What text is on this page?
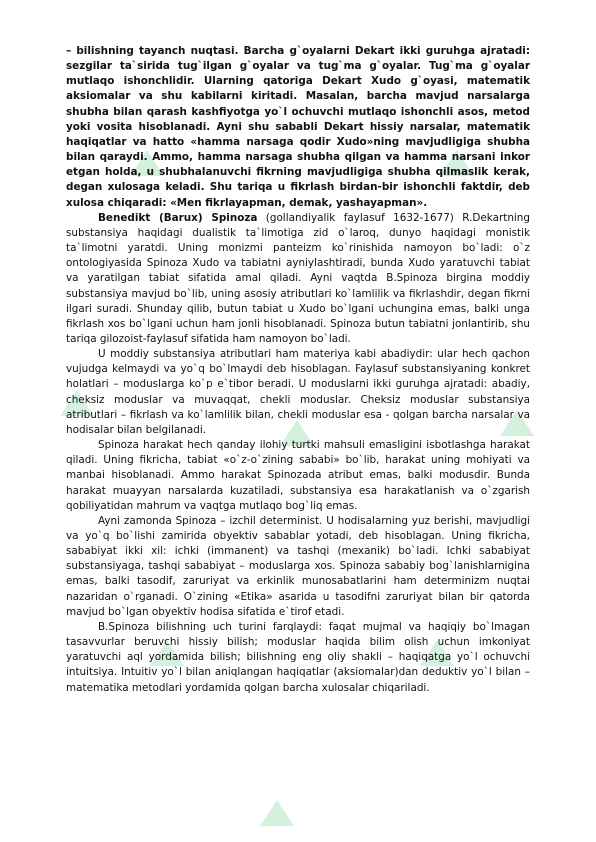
– bilishning tayanch nuqtasi. Barcha g`oyalarni Dekart ikki guruhga ajratadi: sezgilar ta`sirida tug`ilgan g`oyalar va tug`ma g`oyalar. Tug`ma g`oyalar mutlaqo ishonchlidir. Ularning qatoriga Dekart Xudo g`oyasi, matematik aksiomalar va shu kabilarni kiritadi. Masalan, barcha mavjud narsalarga shubha bilan qarash kashfiyotga yo`l ochuvchi mutlaqo ishonchli asos, metod yoki vosita hisoblanadi. Ayni shu sababli Dekart hissiy narsalar, matematik haqiqatlar va hatto «hamma narsaga qodir Xudo»ning mavjudligiga shubha bilan qaraydi. Ammo, hamma narsaga shubha qilgan va hamma narsani inkor etgan holda, u shubhalanuvchi fikrning mavjudligiga shubha qilmaslik kerak, degan xulosaga keladi. Shu tariqa u fikrlash birdan-bir ishonchli faktdir, deb xulosa chiqaradi: «Men fikrlayapman, demak, yashayapman».

Benedikt (Barux) Spinoza (gollandiyalik faylasuf 1632-1677) R.Dekartning substansiya haqidagi dualistik ta`limotiga zid o`laroq, dunyo haqidagi monistik ta`limotni yaratdi. Uning monizmi panteizm ko`rinishida namoyon bo`ladi: o`z ontologiyasida Spinoza Xudo va tabiatni ayniylashtiradi, bunda Xudo yaratuvchi tabiat va yaratilgan tabiat sifatida amal qiladi. Ayni vaqtda B.Spinoza birgina moddiy substansiya mavjud bo`lib, uning asosiy atributlari ko`lamlilik va fikrlashdir, degan fikrni ilgari suradi. Shunday qilib, butun tabiat u Xudo bo`lgani uchungina emas, balki unga fikrlash xos bo`lgani uchun ham jonli hisoblanadi. Spinoza butun tabiatni jonlantirib, shu tariqa gilozoist-faylasuf sifatida ham namoyon bo`ladi.

U moddiy substansiya atributlari ham materiya kabi abadiydir: ular hech qachon vujudga kelmaydi va yo`q bo`lmaydi deb hisoblagan. Faylasuf substansiyaning konkret holatlari – moduslarga ko`p e`tibor beradi. U moduslarni ikki guruhga ajratadi: abadiy, cheksiz moduslar va muvaqqat, chekli moduslar. Cheksiz moduslar substansiya atributlari – fikrlash va ko`lamlilik bilan, chekli moduslar esa - qolgan barcha narsalar va hodisalar bilan belgilanadi.

Spinoza harakat hech qanday ilohiy turtki mahsuli emasligini isbotlashga harakat qiladi. Uning fikricha, tabiat «o`z-o`zining sababi» bo`lib, harakat uning mohiyati va manbai hisoblanadi. Ammo harakat Spinozada atribut emas, balki modusdir. Bunda harakat muayyan narsalarda kuzatiladi, substansiya esa harakatlanish va o`zgarish qobiliyatidan mahrum va vaqtga mutlaqo bog`liq emas.

Ayni zamonda Spinoza – izchil determinist. U hodisalarning yuz berishi, mavjudligi va yo`q bo`lishi zamirida obyektiv sabablar yotadi, deb hisoblagan. Uning fikricha, sababiyat ikki xil: ichki (immanent) va tashqi (mexanik) bo`ladi. Ichki sababiyat substansiyaga, tashqi sababiyat – moduslarga xos. Spinoza sababiy bog`lanishlarnigina emas, balki tasodif, zaruriyat va erkinlik munosabatlarini ham determinizm nuqtai nazaridan o`rganadi. O`zining «Etika» asarida u tasodifni zaruriyat bilan bir qatorda mavjud bo`lgan obyektiv hodisa sifatida e`tirof etadi.

B.Spinoza bilishning uch turini farqlaydi: faqat mujmal va haqiqiy bo`lmagan tasavvurlar beruvchi hissiy bilish; moduslar haqida bilim olish uchun imkoniyat yaratuvchi aql yordamida bilish; bilishning eng oliy shakli – haqiqatga yo`l ochuvchi intuitsiya. Intuitiv yo`l bilan aniqlangan haqiqatlar (aksiomalar)dan deduktiv yo`l bilan – matematika metodlari yordamida qolgan barcha xulosalar chiqariladi.
